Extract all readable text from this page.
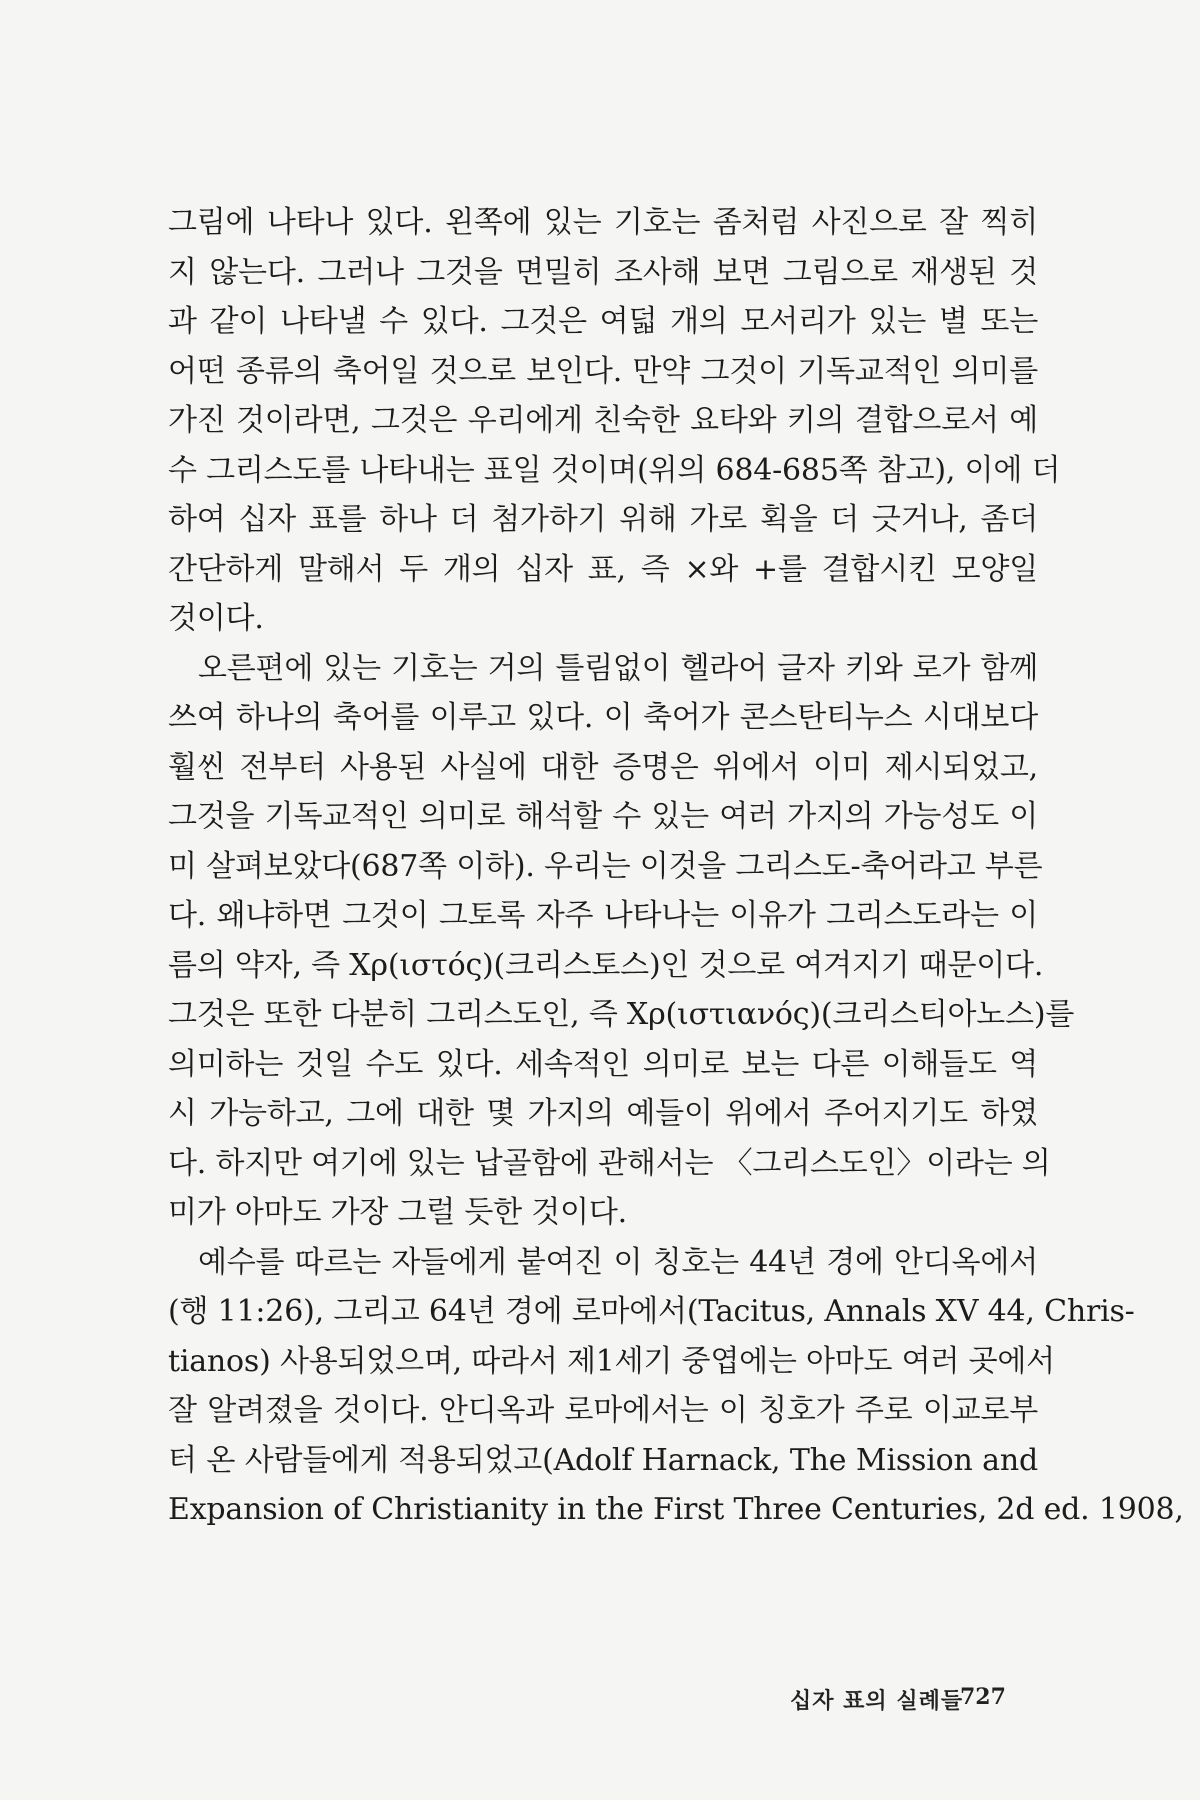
그림에 나타나 있다. 왼쪽에 있는 기호는 좀처럼 사진으로 잘 찍히
지 않는다. 그러나 그것을 면밀히 조사해 보면 그림으로 재생된 것
과 같이 나타낼 수 있다. 그것은 여덟 개의 모서리가 있는 별 또는
어떤 종류의 축어일 것으로 보인다. 만약 그것이 기독교적인 의미를
가진 것이라면, 그것은 우리에게 친숙한 요타와 키의 결합으로서 예
수 그리스도를 나타내는 표일 것이며(위의 684-685쪽 참고), 이에 더
하여 십자 표를 하나 더 첨가하기 위해 가로 획을 더 긋거나, 좀더
간단하게 말해서 두 개의 십자 표, 즉 ×와 +를 결합시킨 모양일
것이다.
오른편에 있는 기호는 거의 틀림없이 헬라어 글자 키와 로가 함께
쓰여 하나의 축어를 이루고 있다. 이 축어가 콘스탄티누스 시대보다
훨씬 전부터 사용된 사실에 대한 증명은 위에서 이미 제시되었고,
그것을 기독교적인 의미로 해석할 수 있는 여러 가지의 가능성도 이
미 살펴보았다(687쪽 이하). 우리는 이것을 그리스도-축어라고 부른
다. 왜냐하면 그것이 그토록 자주 나타나는 이유가 그리스도라는 이
름의 약자, 즉 Χρ(ιστός)(크리스토스)인 것으로 여겨지기 때문이다.
그것은 또한 다분히 그리스도인, 즉 Χρ(ιστιανός)(크리스티아노스)를
의미하는 것일 수도 있다. 세속적인 의미로 보는 다른 이해들도 역
시 가능하고, 그에 대한 몇 가지의 예들이 위에서 주어지기도 하였
다. 하지만 여기에 있는 납골함에 관해서는 〈그리스도인〉이라는 의
미가 아마도 가장 그럴 듯한 것이다.
예수를 따르는 자들에게 붙여진 이 칭호는 44년 경에 안디옥에서
(행 11:26), 그리고 64년 경에 로마에서(Tacitus, Annals XV 44, Chris-
tianos) 사용되었으며, 따라서 제1세기 중엽에는 아마도 여러 곳에서
잘 알려졌을 것이다. 안디옥과 로마에서는 이 칭호가 주로 이교로부
터 온 사람들에게 적용되었고(Adolf Harnack, The Mission and
Expansion of Christianity in the First Three Centuries, 2d ed. 1908,
십자 표의 실례들
727
